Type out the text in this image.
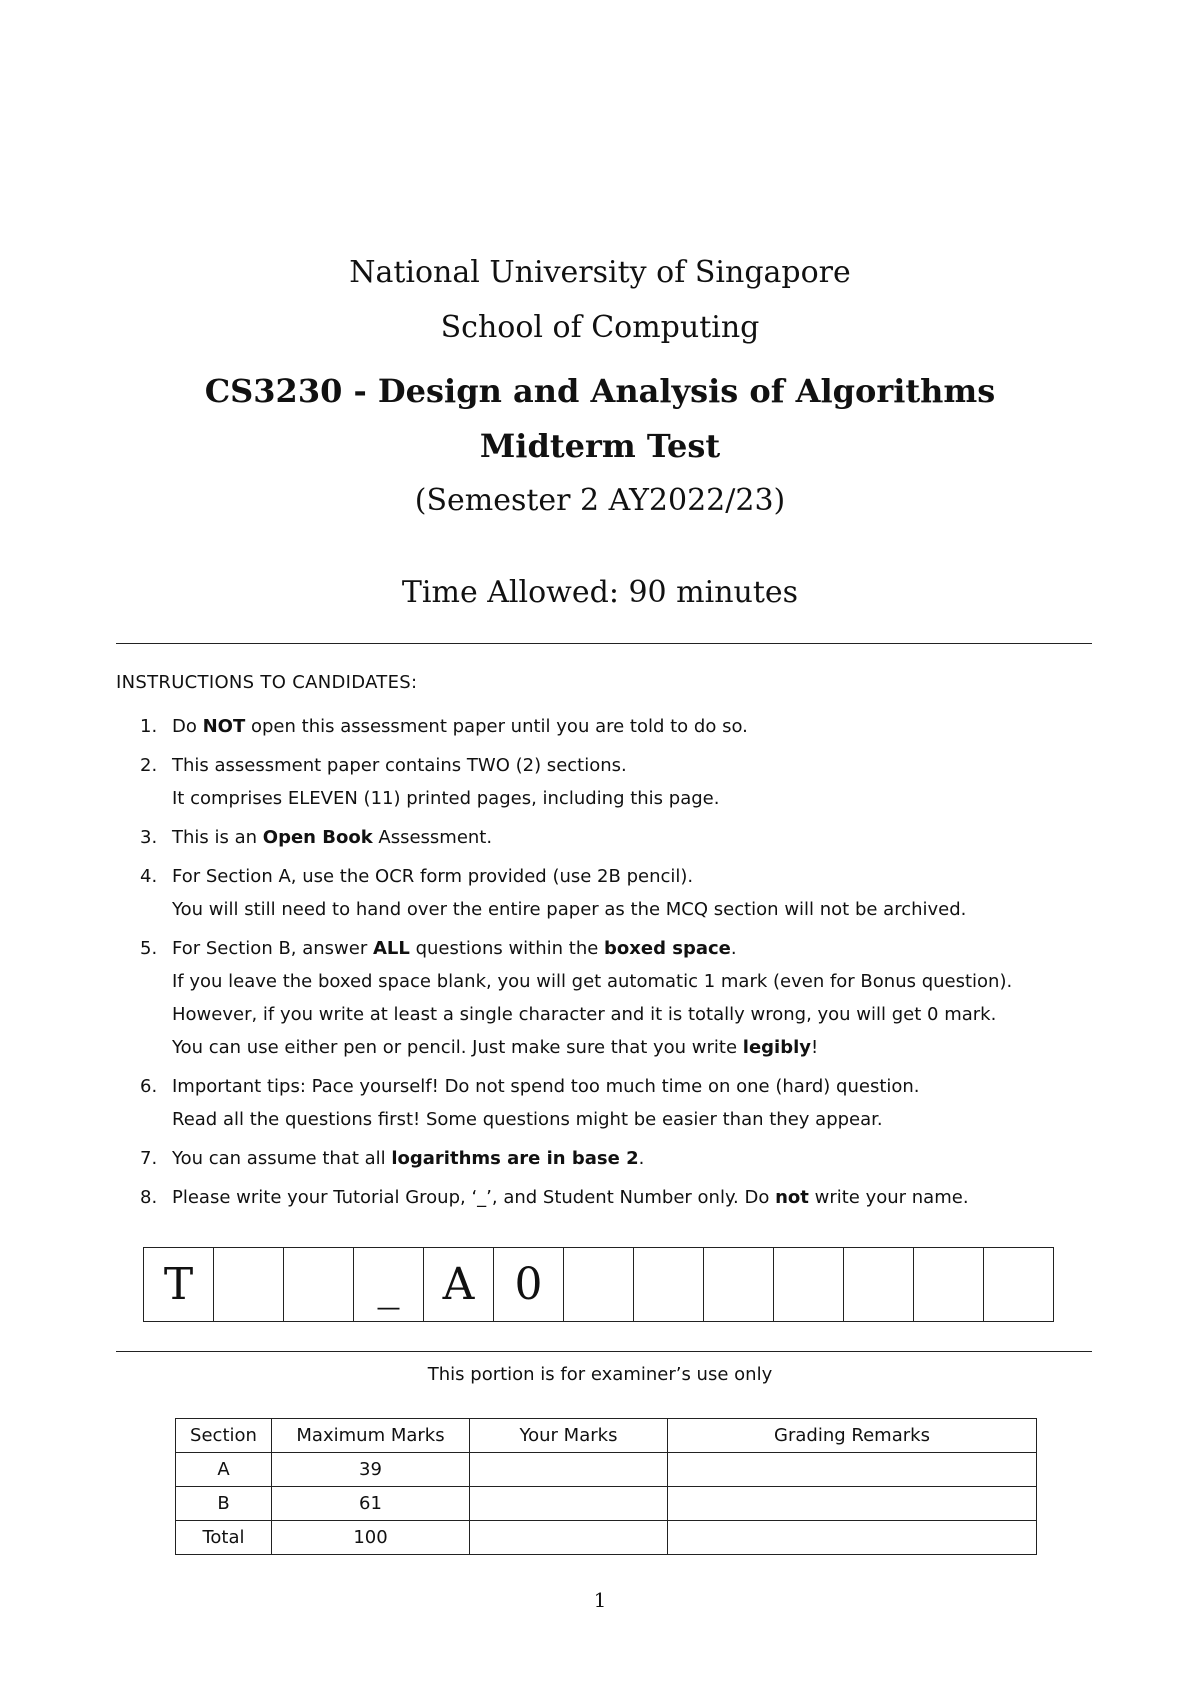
National University of Singapore
School of Computing
CS3230 - Design and Analysis of Algorithms
Midterm Test
(Semester 2 AY2022/23)
Time Allowed: 90 minutes
INSTRUCTIONS TO CANDIDATES:
1. Do NOT open this assessment paper until you are told to do so.
2. This assessment paper contains TWO (2) sections.
It comprises ELEVEN (11) printed pages, including this page.
3. This is an Open Book Assessment.
4. For Section A, use the OCR form provided (use 2B pencil).
You will still need to hand over the entire paper as the MCQ section will not be archived.
5. For Section B, answer ALL questions within the boxed space.
If you leave the boxed space blank, you will get automatic 1 mark (even for Bonus question).
However, if you write at least a single character and it is totally wrong, you will get 0 mark.
You can use either pen or pencil. Just make sure that you write legibly!
6. Important tips: Pace yourself! Do not spend too much time on one (hard) question.
Read all the questions first! Some questions might be easier than they appear.
7. You can assume that all logarithms are in base 2.
8. Please write your Tutorial Group, ‘_’, and Student Number only. Do not write your name.
T			_	A	0							
This portion is for examiner’s use only
Section	Maximum Marks	Your Marks	Grading Remarks
A	39		
B	61		
Total	100		
1
